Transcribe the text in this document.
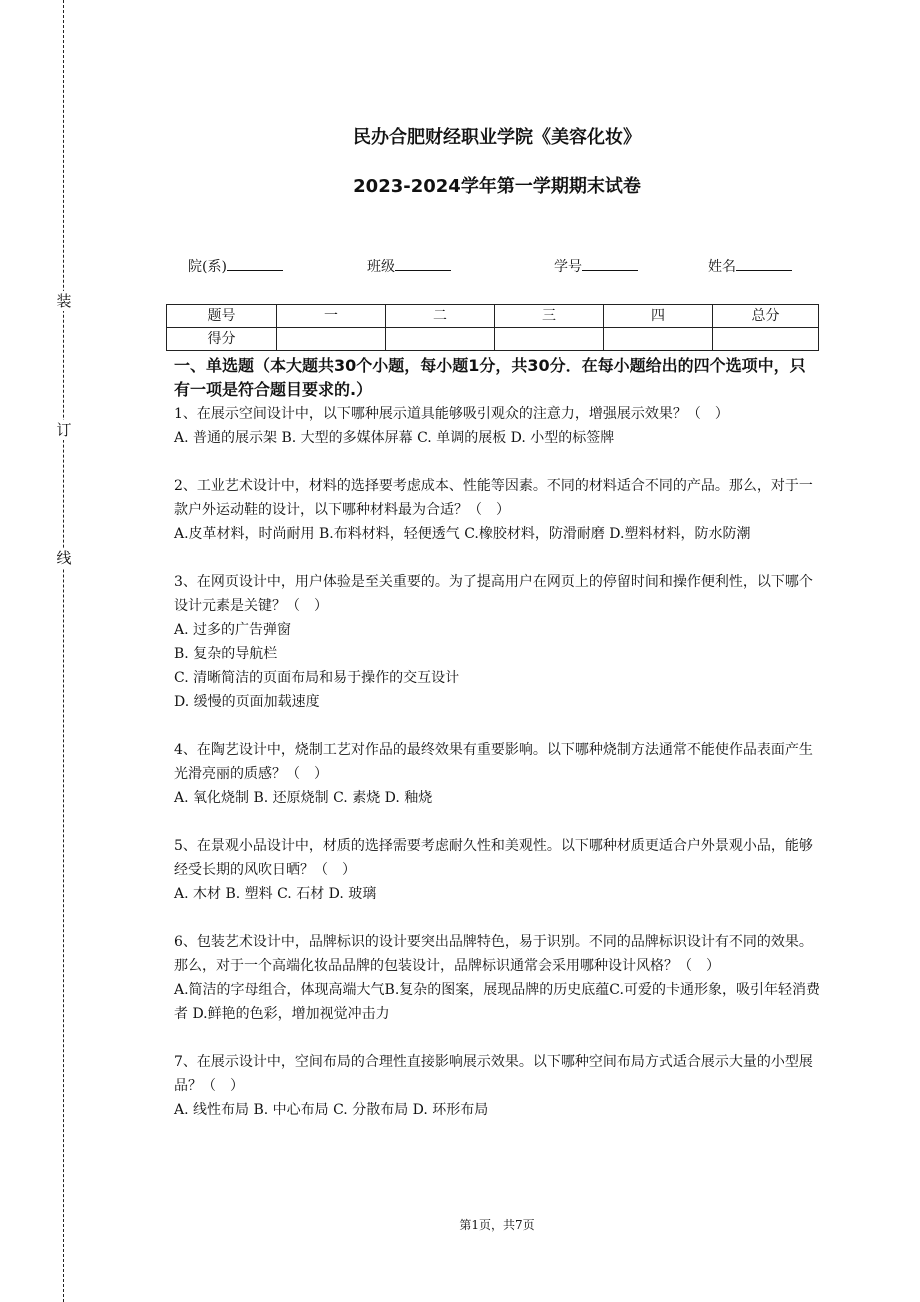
装
订
线
民办合肥财经职业学院《美容化妆》
2023-2024学年第一学期期末试卷
院(系)	班级	学号	姓名
题号	一	二	三	四	总分
得分					

一、单选题（本大题共30个小题，每小题1分，共30分．在每小题给出的四个选项中，只有一项是符合题目要求的.）

1、在展示空间设计中，以下哪种展示道具能够吸引观众的注意力，增强展示效果？（　）

A. 普通的展示架 B. 大型的多媒体屏幕 C. 单调的展板 D. 小型的标签牌

2、工业艺术设计中，材料的选择要考虑成本、性能等因素。不同的材料适合不同的产品。那么，对于一款户外运动鞋的设计，以下哪种材料最为合适？（　）

A.皮革材料，时尚耐用 B.布料材料，轻便透气 C.橡胶材料，防滑耐磨 D.塑料材料，防水防潮

3、在网页设计中，用户体验是至关重要的。为了提高用户在网页上的停留时间和操作便利性，以下哪个设计元素是关键？（　）

A. 过多的广告弹窗

B. 复杂的导航栏

C. 清晰简洁的页面布局和易于操作的交互设计

D. 缓慢的页面加载速度

4、在陶艺设计中，烧制工艺对作品的最终效果有重要影响。以下哪种烧制方法通常不能使作品表面产生光滑亮丽的质感？（　）

A. 氧化烧制 B. 还原烧制 C. 素烧 D. 釉烧

5、在景观小品设计中，材质的选择需要考虑耐久性和美观性。以下哪种材质更适合户外景观小品，能够经受长期的风吹日晒？（　）

A. 木材 B. 塑料 C. 石材 D. 玻璃

6、包装艺术设计中，品牌标识的设计要突出品牌特色，易于识别。不同的品牌标识设计有不同的效果。那么，对于一个高端化妆品品牌的包装设计，品牌标识通常会采用哪种设计风格？（　）

A.简洁的字母组合，体现高端大气B.复杂的图案，展现品牌的历史底蕴C.可爱的卡通形象，吸引年轻消费者 D.鲜艳的色彩，增加视觉冲击力

7、在展示设计中，空间布局的合理性直接影响展示效果。以下哪种空间布局方式适合展示大量的小型展品？（　）

A. 线性布局 B. 中心布局 C. 分散布局 D. 环形布局

第1页，共7页
